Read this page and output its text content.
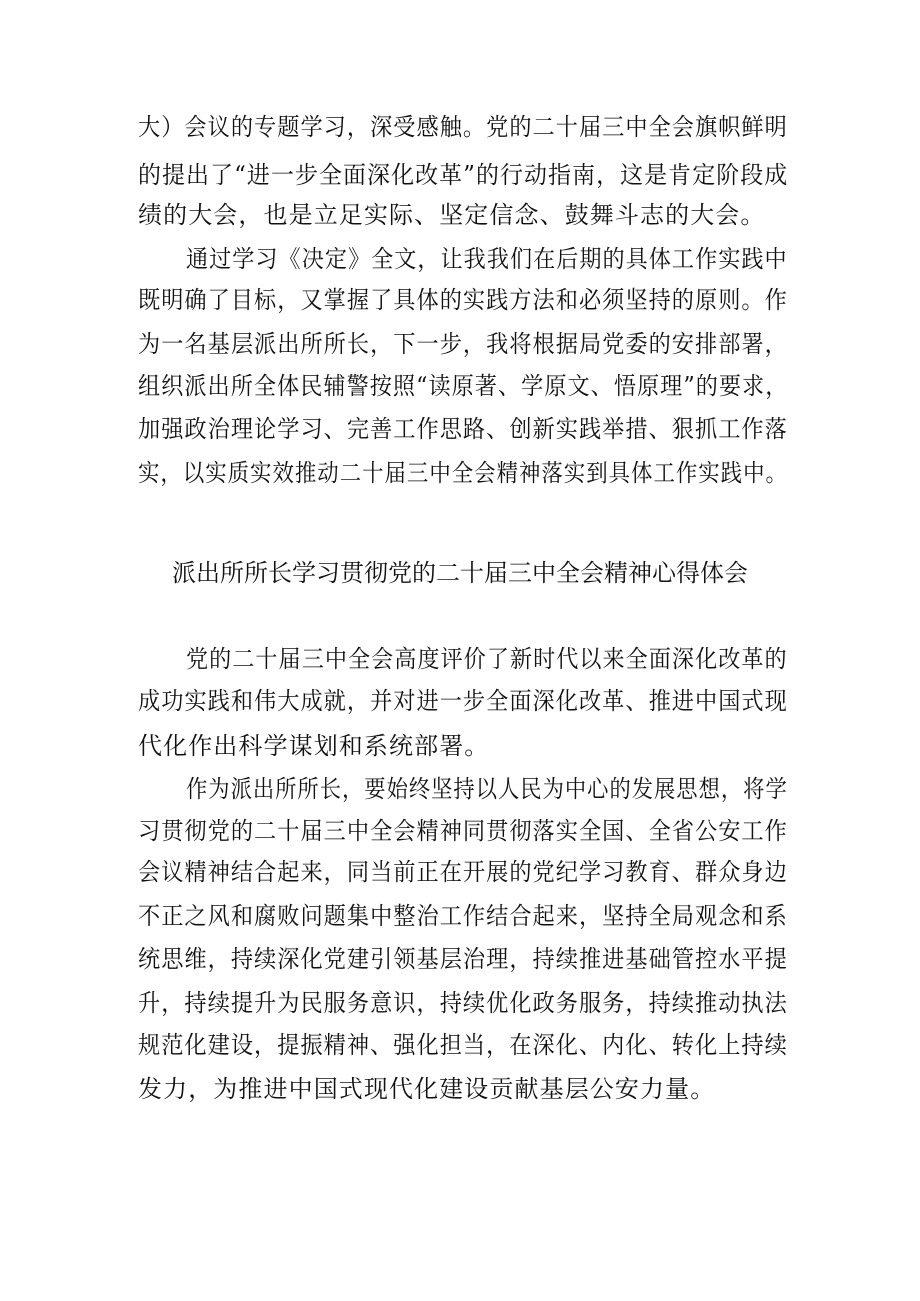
大）会议的专题学习，深受感触。党的二十届三中全会旗帜鲜明
的提出了“进一步全面深化改革”的行动指南，这是肯定阶段成
绩的大会，也是立足实际、坚定信念、鼓舞斗志的大会。
通过学习《决定》全文，让我我们在后期的具体工作实践中
既明确了目标，又掌握了具体的实践方法和必须坚持的原则。作
为一名基层派出所所长，下一步，我将根据局党委的安排部署，
组织派出所全体民辅警按照“读原著、学原文、悟原理”的要求，
加强政治理论学习、完善工作思路、创新实践举措、狠抓工作落
实，以实质实效推动二十届三中全会精神落实到具体工作实践中。
派出所所长学习贯彻党的二十届三中全会精神心得体会
党的二十届三中全会高度评价了新时代以来全面深化改革的
成功实践和伟大成就，并对进一步全面深化改革、推进中国式现
代化作出科学谋划和系统部署。
作为派出所所长，要始终坚持以人民为中心的发展思想，将学
习贯彻党的二十届三中全会精神同贯彻落实全国、全省公安工作
会议精神结合起来，同当前正在开展的党纪学习教育、群众身边
不正之风和腐败问题集中整治工作结合起来，坚持全局观念和系
统思维，持续深化党建引领基层治理，持续推进基础管控水平提
升，持续提升为民服务意识，持续优化政务服务，持续推动执法
规范化建设，提振精神、强化担当，在深化、内化、转化上持续
发力，为推进中国式现代化建设贡献基层公安力量。
